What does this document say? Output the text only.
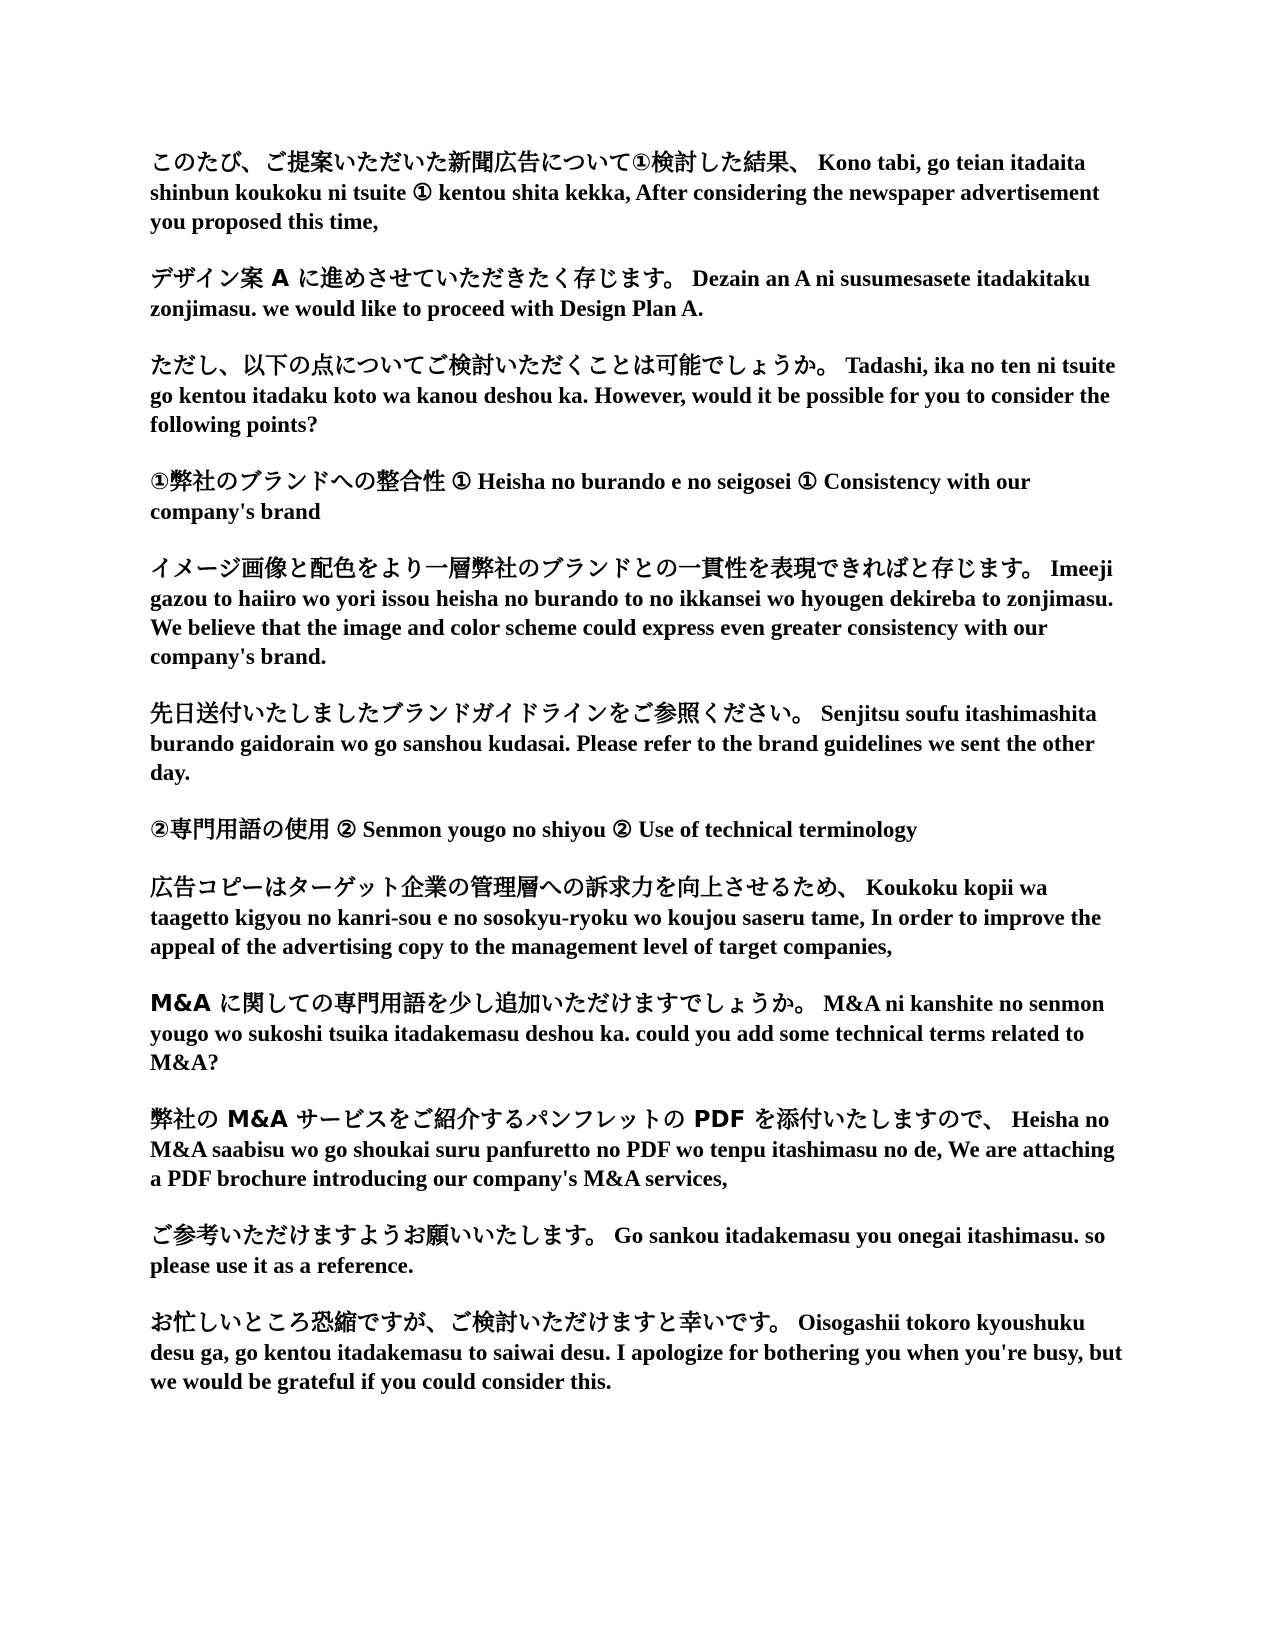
このたび、ご提案いただいた新聞広告について①検討した結果、 Kono tabi, go teian itadaita shinbun koukoku ni tsuite ① kentou shita kekka, After considering the newspaper advertisement you proposed this time,

デザイン案 A に進めさせていただきたく存じます。 Dezain an A ni susumesasete itadakitaku zonjimasu. we would like to proceed with Design Plan A.

ただし、以下の点についてご検討いただくことは可能でしょうか。 Tadashi, ika no ten ni tsuite go kentou itadaku koto wa kanou deshou ka. However, would it be possible for you to consider the following points?

①弊社のブランドへの整合性 ① Heisha no burando e no seigosei ① Consistency with our company's brand

イメージ画像と配色をより一層弊社のブランドとの一貫性を表現できればと存じます。 Imeeji gazou to haiiro wo yori issou heisha no burando to no ikkansei wo hyougen dekireba to zonjimasu. We believe that the image and color scheme could express even greater consistency with our company's brand.

先日送付いたしましたブランドガイドラインをご参照ください。 Senjitsu soufu itashimashita burando gaidorain wo go sanshou kudasai. Please refer to the brand guidelines we sent the other day.

②専門用語の使用 ② Senmon yougo no shiyou ② Use of technical terminology

広告コピーはターゲット企業の管理層への訴求力を向上させるため、 Koukoku kopii wa taagetto kigyou no kanri-sou e no sosokyu-ryoku wo koujou saseru tame, In order to improve the appeal of the advertising copy to the management level of target companies,

M&A に関しての専門用語を少し追加いただけますでしょうか。 M&A ni kanshite no senmon yougo wo sukoshi tsuika itadakemasu deshou ka. could you add some technical terms related to M&A?

弊社の M&A サービスをご紹介するパンフレットの PDF を添付いたしますので、 Heisha no M&A saabisu wo go shoukai suru panfuretto no PDF wo tenpu itashimasu no de, We are attaching a PDF brochure introducing our company's M&A services,

ご参考いただけますようお願いいたします。 Go sankou itadakemasu you onegai itashimasu. so please use it as a reference.

お忙しいところ恐縮ですが、ご検討いただけますと幸いです。 Oisogashii tokoro kyoushuku desu ga, go kentou itadakemasu to saiwai desu. I apologize for bothering you when you're busy, but we would be grateful if you could consider this.
